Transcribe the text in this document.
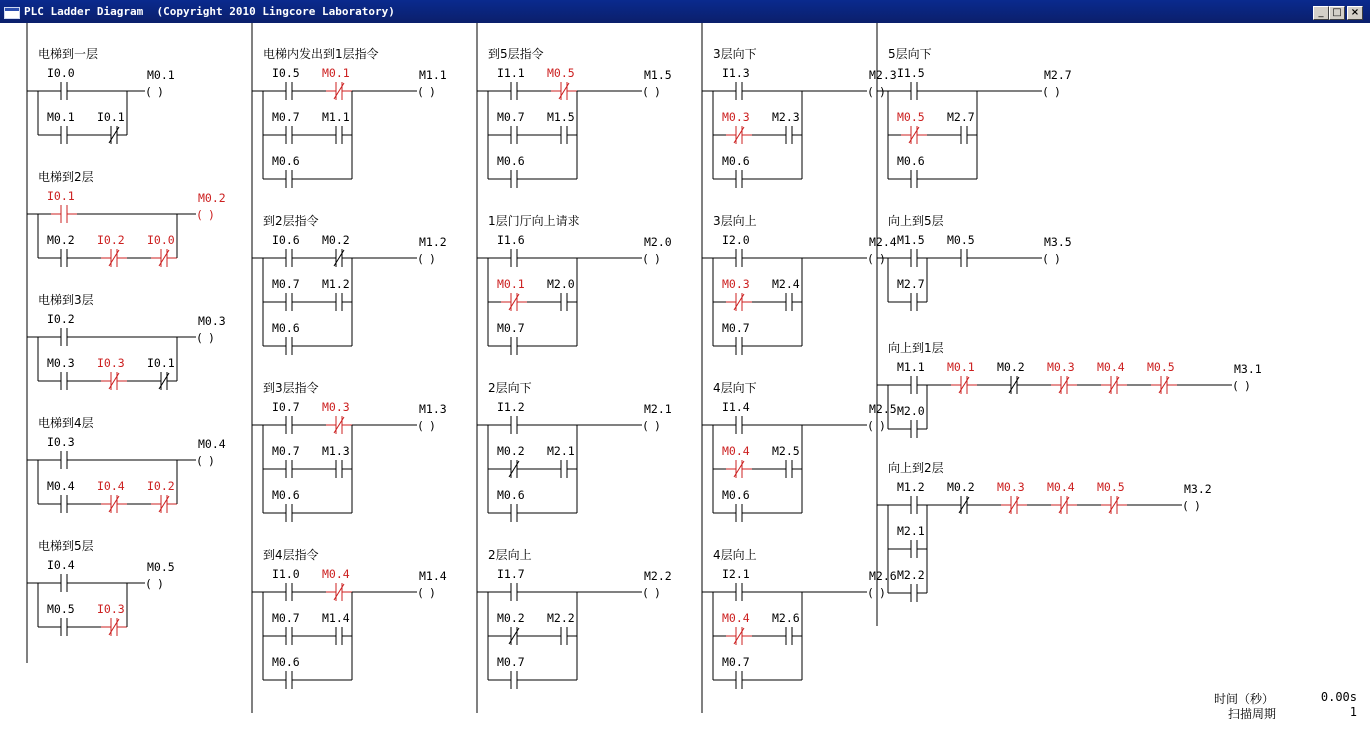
PLC Ladder Diagram  (Copyright 2010 Lingcore Laboratory)	_ □ ×
电梯到一层
I0.0
( )
M0.1
M0.1 I0.1
电梯到2层
I0.1
( )
M0.2
M0.2 I0.2 I0.0
电梯到3层
I0.2
( )
M0.3
M0.3 I0.3 I0.1
电梯到4层
I0.3
( )
M0.4
M0.4 I0.4 I0.2
电梯到5层
I0.4
( )
M0.5
M0.5 I0.3
电梯内发出到1层指令
I0.5 M0.1
( )
M1.1
M0.7 M1.1
M0.6
到2层指令
I0.6 M0.2
( )
M1.2
M0.7 M1.2
M0.6
到3层指令
I0.7 M0.3
( )
M1.3
M0.7 M1.3
M0.6
到4层指令
I1.0 M0.4
( )
M1.4
M0.7 M1.4
M0.6
到5层指令
I1.1 M0.5
( )
M1.5
M0.7 M1.5
M0.6
1层门厅向上请求
I1.6
( )
M2.0
M0.1 M2.0
M0.7
2层向下
I1.2
( )
M2.1
M0.2 M2.1
M0.6
2层向上
I1.7
( )
M2.2
M0.2 M2.2
M0.7
3层向下
I1.3
( )
M2.3
M0.3 M2.3
M0.6
3层向上
I2.0
( )
M2.4
M0.3 M2.4
M0.7
4层向下
I1.4
( )
M2.5
M0.4 M2.5
M0.6
4层向上
I2.1
( )
M2.6
M0.4 M2.6
M0.7
5层向下
I1.5
( )
M2.7
M0.5 M2.7
M0.6
向上到5层
M1.5 M0.5
( )
M3.5
M2.7
向上到1层
M1.1 M0.1 M0.2 M0.3 M0.4 M0.5
( )
M3.1
M2.0
向上到2层
M1.2 M0.2 M0.3 M0.4 M0.5
( )
M3.2
M2.1
M2.2
时间（秒）	0.00s
扫描周期	1
